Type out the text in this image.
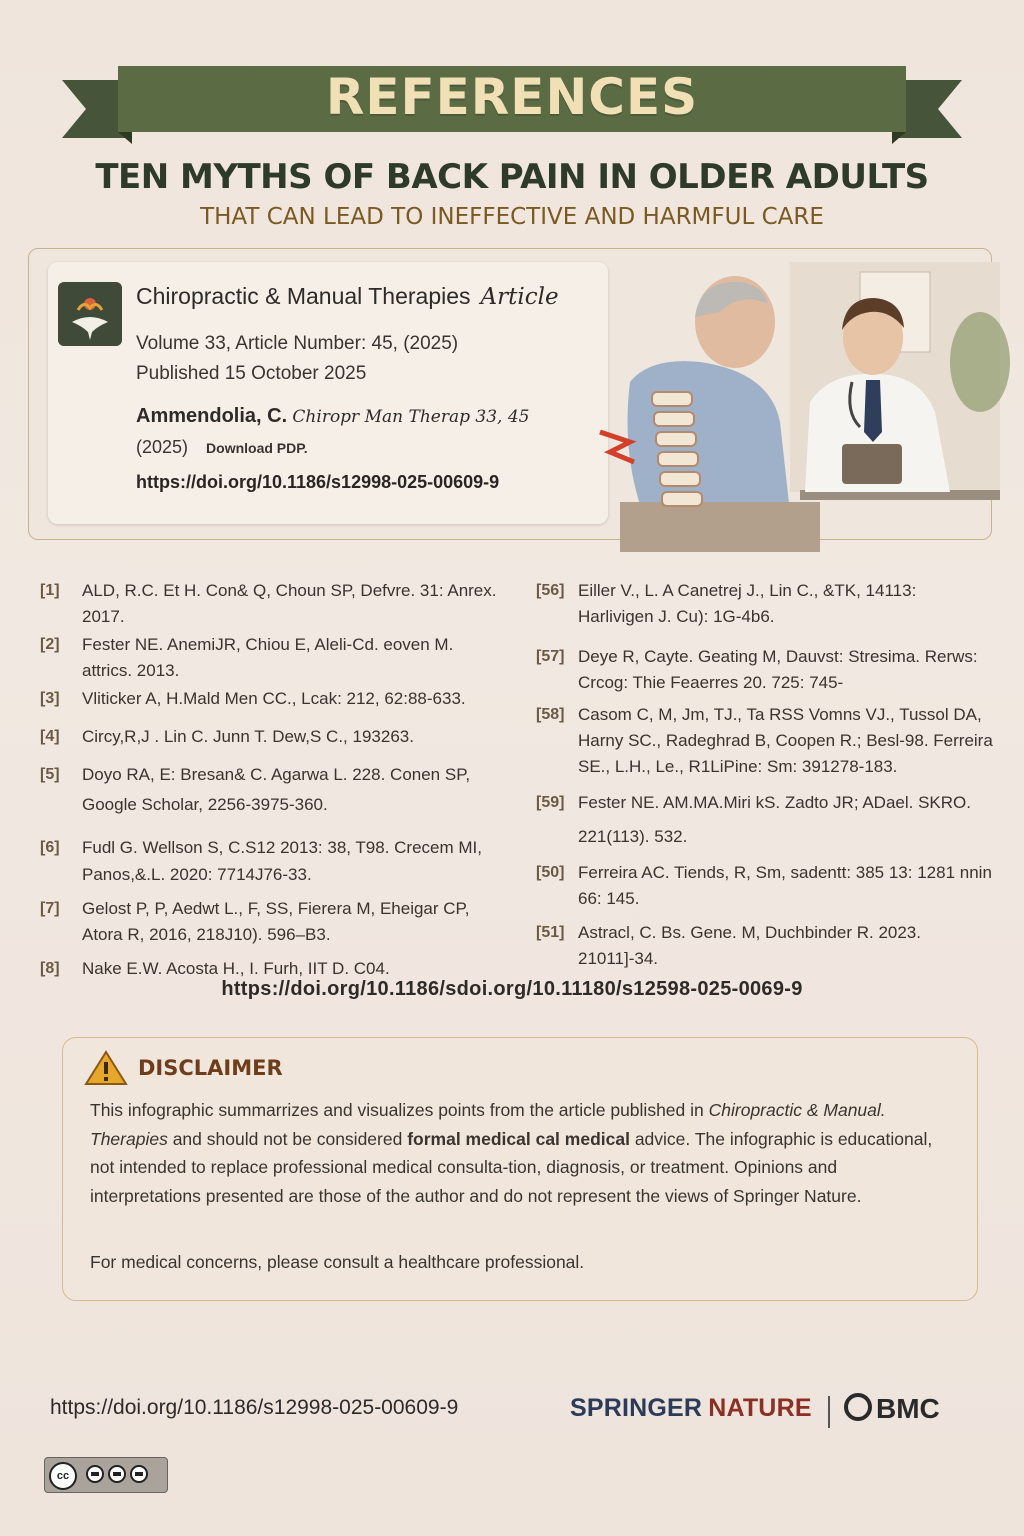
REFERENCES
TEN MYTHS OF BACK PAIN IN OLDER ADULTS
THAT CAN LEAD TO INEFFECTIVE AND HARMFUL CARE
Chiropractic & Manual Therapies Article
Volume 33, Article Number: 45, (2025)
Published 15 October 2025
Ammendolia, C. Chiropr Man Therap 33, 45
(2025) Download PDP.
https://doi.org/10.1186/s12998-025-00609-9
[1] ALD, R.C. Et H. Con& Q, Choun SP, Defvre. 31: Anrex. 2017.
[2] Fester NE. AnemiJR, Chiou E, Aleli-Cd. eoven M. attrics. 2013.
[3] Vliticker A, H.Mald Men CC., Lcak: 212, 62:88-633.
[4] Circy,R,J . Lin C. Junn T. Dew,S C., 193263.
[5] Doyo RA, E: Bresan& C. Agarwa L. 228. Conen SP, Google Scholar, 2256-3975-360.
[6] Fudl G. Wellson S, C.S12 2013: 38, T98. Crecem MI, Panos,&.L. 2020: 7714J76-33.
[7] Gelost P, P, Aedwt L., F, SS, Fierera M, Eheigar CP, Atora R, 2016, 218J10). 596–B3.
[8] Nake E.W. Acosta H., I. Furh, IIT D. C04.
[56] Eiller V., L. A Canetrej J., Lin C., &TK, 14113: Harlivigen J. Cu): 1G-4b6.
[57] Deye R, Cayte. Geating M, Dauvst: Stresima. Rerws: Crcog: Thie Feaerres 20. 725: 745-
[58] Casom C, M, Jm, TJ., Ta RSS Vomns VJ., Tussol DA, Harny SC., Radeghrad B, Coopen R.; Besl-98. Ferreira SE., L.H., Le., R1LiPine: Sm: 391278-183.
[59] Fester NE. AM.MA.Miri kS. Zadto JR; ADael. SKRO. 221(113). 532.
[50] Ferreira AC. Tiends, R, Sm, sadentt: 385 13: 1281 nnin 66: 145.
[51] Astracl, C. Bs. Gene. M, Duchbinder R. 2023. 21011]-34.
https://doi.org/10.1186/sdoi.org/10.11180/s12598-025-0069-9
DISCLAIMER
This infographic summarrizes and visualizes points from the article published in Chiropractic & Manual. Therapies and should not be considered formal medical cal medical advice. The infographic is educational, not intended to replace professional medical consulta-tion, diagnosis, or treatment. Opinions and interpretations presented are those of the author and do not represent the views of Springer Nature.
For medical concerns, please consult a healthcare professional.
https://doi.org/10.1186/s12998-025-00609-9	SPRINGER NATURE	BMC
cc
